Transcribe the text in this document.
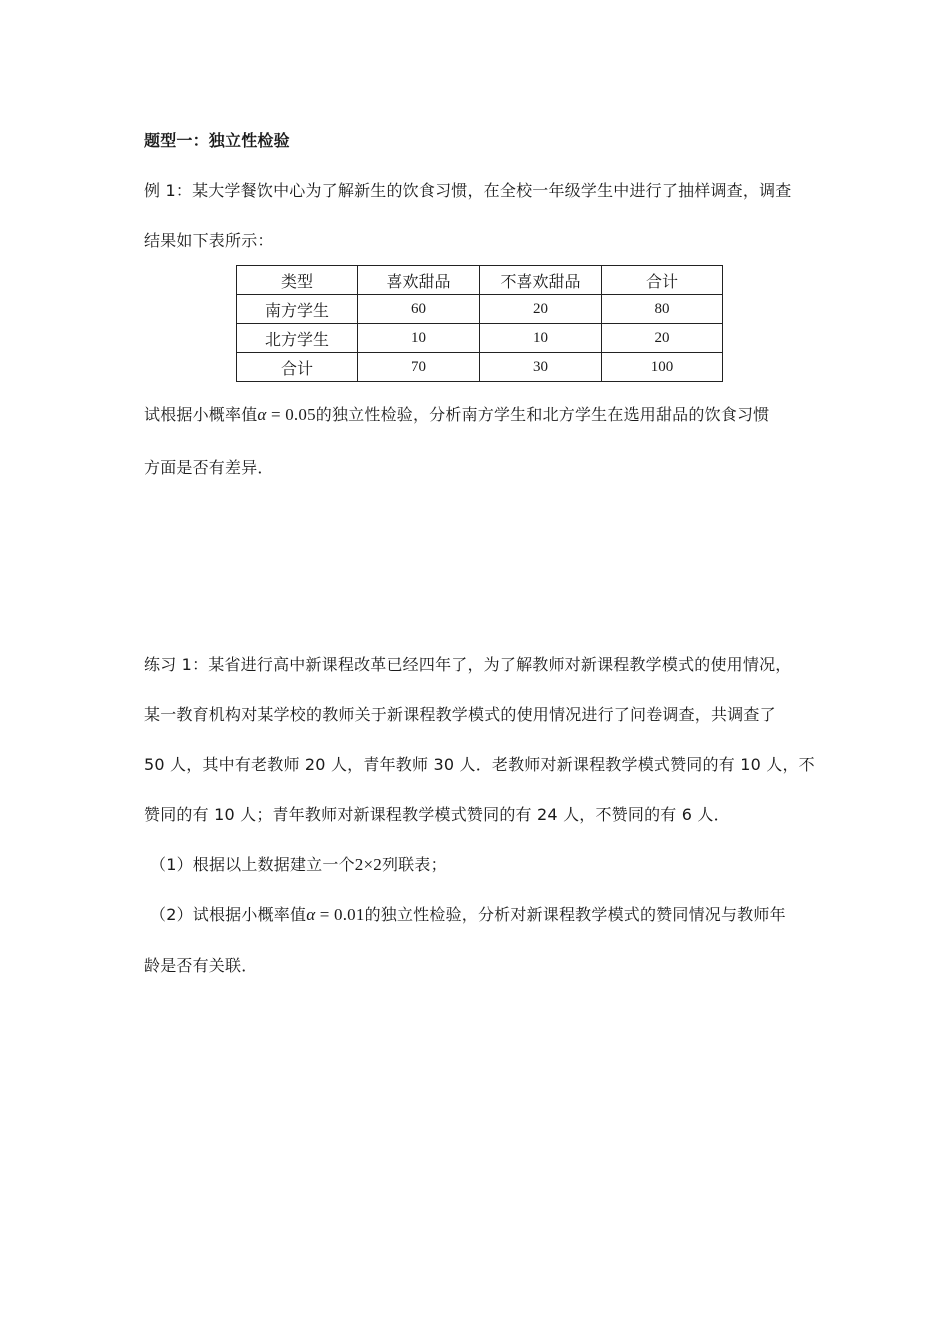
题型一：独立性检验
例 1：某大学餐饮中心为了解新生的饮食习惯，在全校一年级学生中进行了抽样调查，调查
结果如下表所示：
类型	喜欢甜品	不喜欢甜品	合计
南方学生	60	20	80
北方学生	10	10	20
合计	70	30	100
试根据小概率值α = 0.05的独立性检验，分析南方学生和北方学生在选用甜品的饮食习惯
方面是否有差异．
练习 1：某省进行高中新课程改革已经四年了，为了解教师对新课程教学模式的使用情况，
某一教育机构对某学校的教师关于新课程教学模式的使用情况进行了问卷调查，共调查了
50 人，其中有老教师 20 人，青年教师 30 人．老教师对新课程教学模式赞同的有 10 人，不
赞同的有 10 人；青年教师对新课程教学模式赞同的有 24 人，不赞同的有 6 人．
（1）根据以上数据建立一个2×2列联表；
（2）试根据小概率值α = 0.01的独立性检验，分析对新课程教学模式的赞同情况与教师年
龄是否有关联．
